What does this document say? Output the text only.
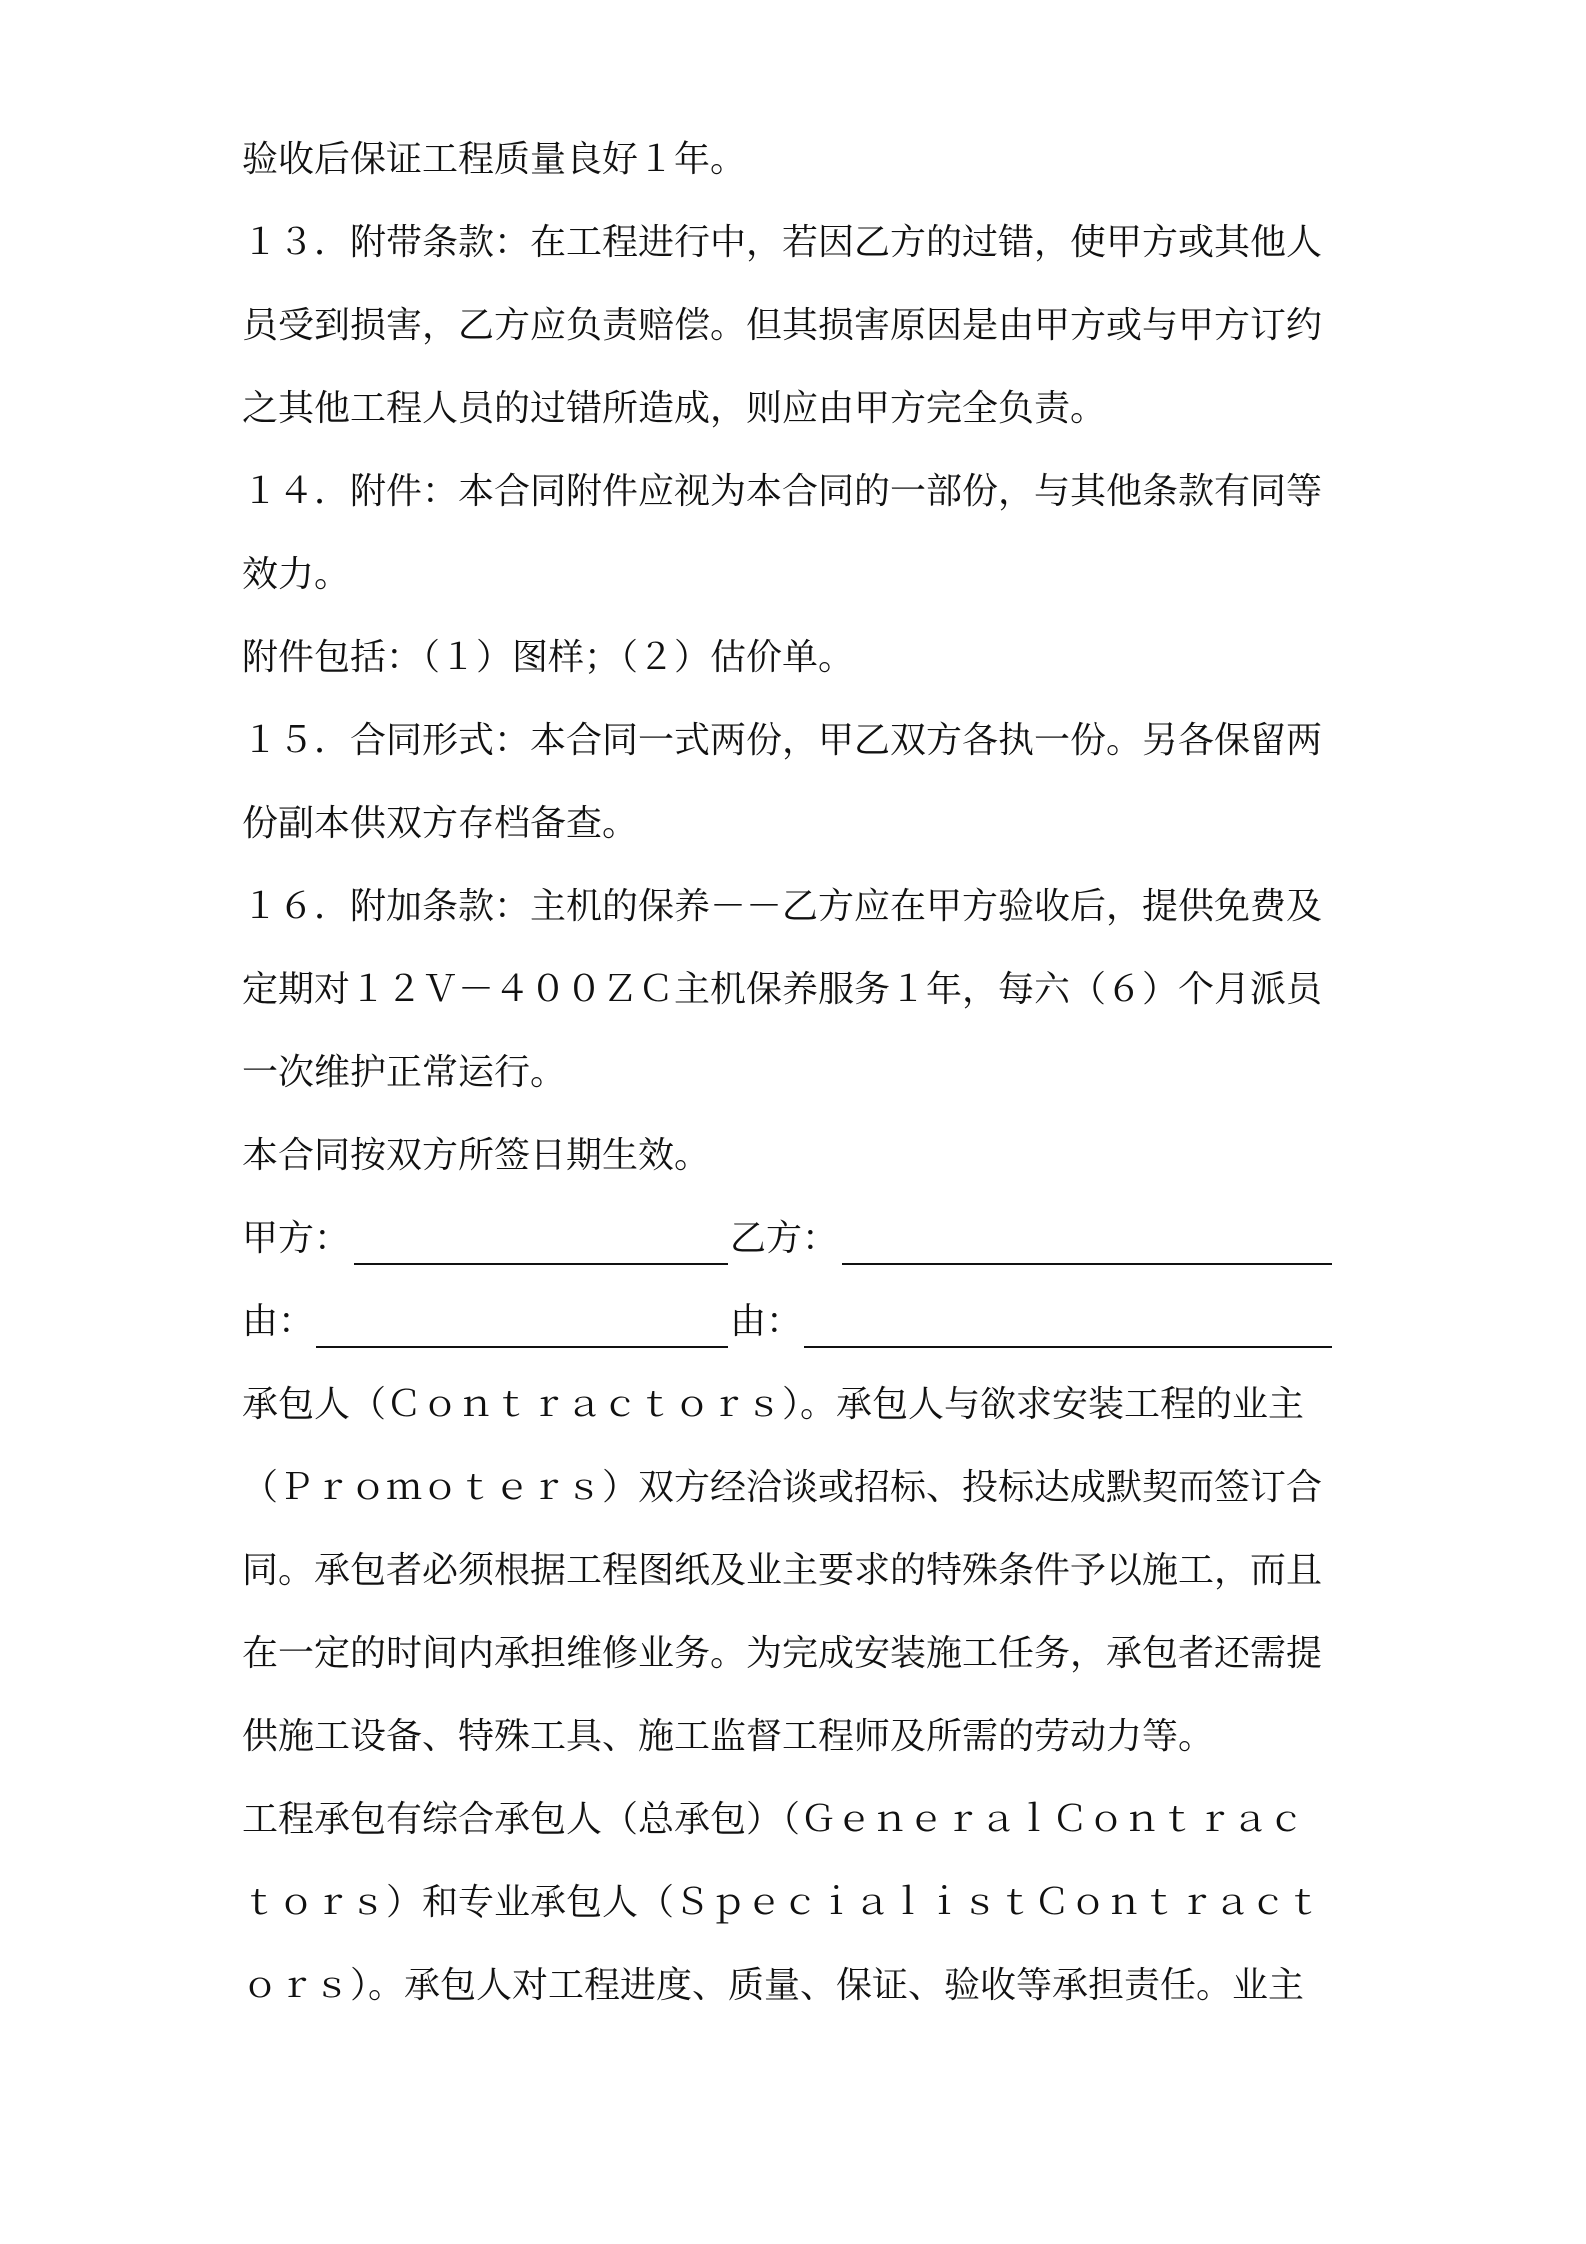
验收后保证工程质量良好１年。
１３．附带条款：在工程进行中，若因乙方的过错，使甲方或其他人
员受到损害，乙方应负责赔偿。但其损害原因是由甲方或与甲方订约
之其他工程人员的过错所造成，则应由甲方完全负责。
１４．附件：本合同附件应视为本合同的一部份，与其他条款有同等
效力。
附件包括：（１）图样；（２）估价单。
１５．合同形式：本合同一式两份，甲乙双方各执一份。另各保留两
份副本供双方存档备查。
１６．附加条款：主机的保养－－乙方应在甲方验收后，提供免费及
定期对１２Ｖ－４００ＺＣ主机保养服务１年，每六（６）个月派员
一次维护正常运行。
本合同按双方所签日期生效。
甲方：	乙方：
由：	由：
承包人（Ｃｏｎｔｒａｃｔｏｒｓ）。承包人与欲求安装工程的业主
（Ｐｒｏｍｏｔｅｒｓ）双方经洽谈或招标、投标达成默契而签订合
同。承包者必须根据工程图纸及业主要求的特殊条件予以施工，而且
在一定的时间内承担维修业务。为完成安装施工任务，承包者还需提
供施工设备、特殊工具、施工监督工程师及所需的劳动力等。
工程承包有综合承包人（总承包）（ＧｅｎｅｒａｌＣｏｎｔｒａｃ
ｔｏｒｓ）和专业承包人（ＳｐｅｃｉａｌｉｓｔＣｏｎｔｒａｃｔ
ｏｒｓ）。承包人对工程进度、质量、保证、验收等承担责任。业主
